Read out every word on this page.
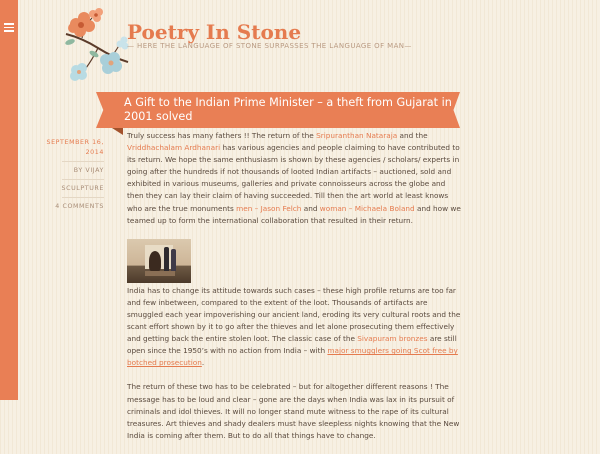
Poetry In Stone
— HERE THE LANGUAGE OF STONE SURPASSES THE LANGUAGE OF MAN—
A Gift to the Indian Prime Minister – a theft from Gujarat in 2001 solved
SEPTEMBER 16, 2014
BY VIJAY
SCULPTURE
4 COMMENTS

Truly success has many fathers !! The return of the Sripuranthan Nataraja and the Vriddhachalam Ardhanari has various agencies and people claiming to have contributed to its return. We hope the same enthusiasm is shown by these agencies / scholars/ experts in going after the hundreds if not thousands of looted Indian artifacts – auctioned, sold and exhibited in various museums, galleries and private connoisseurs across the globe and then they can lay their claim of having succeeded. Till then the art world at least knows who are the true monuments men – Jason Felch and woman – Michaela Boland and how we teamed up to form the international collaboration that resulted in their return.

India has to change its attitude towards such cases – these high profile returns are too far and few inbetween, compared to the extent of the loot. Thousands of artifacts are smuggled each year impoverishing our ancient land, eroding its very cultural roots and the scant effort shown by it to go after the thieves and let alone prosecuting them effectively and getting back the entire stolen loot. The classic case of the Sivapuram bronzes are still open since the 1950’s with no action from India – with major smugglers going Scot free by botched prosecution.

The return of these two has to be celebrated – but for altogether different reasons ! The message has to be loud and clear – gone are the days when India was lax in its pursuit of criminals and idol thieves. It will no longer stand mute witness to the rape of its cultural treasures. Art thieves and shady dealers must have sleepless nights knowing that the New India is coming after them. But to do all that things have to change.
